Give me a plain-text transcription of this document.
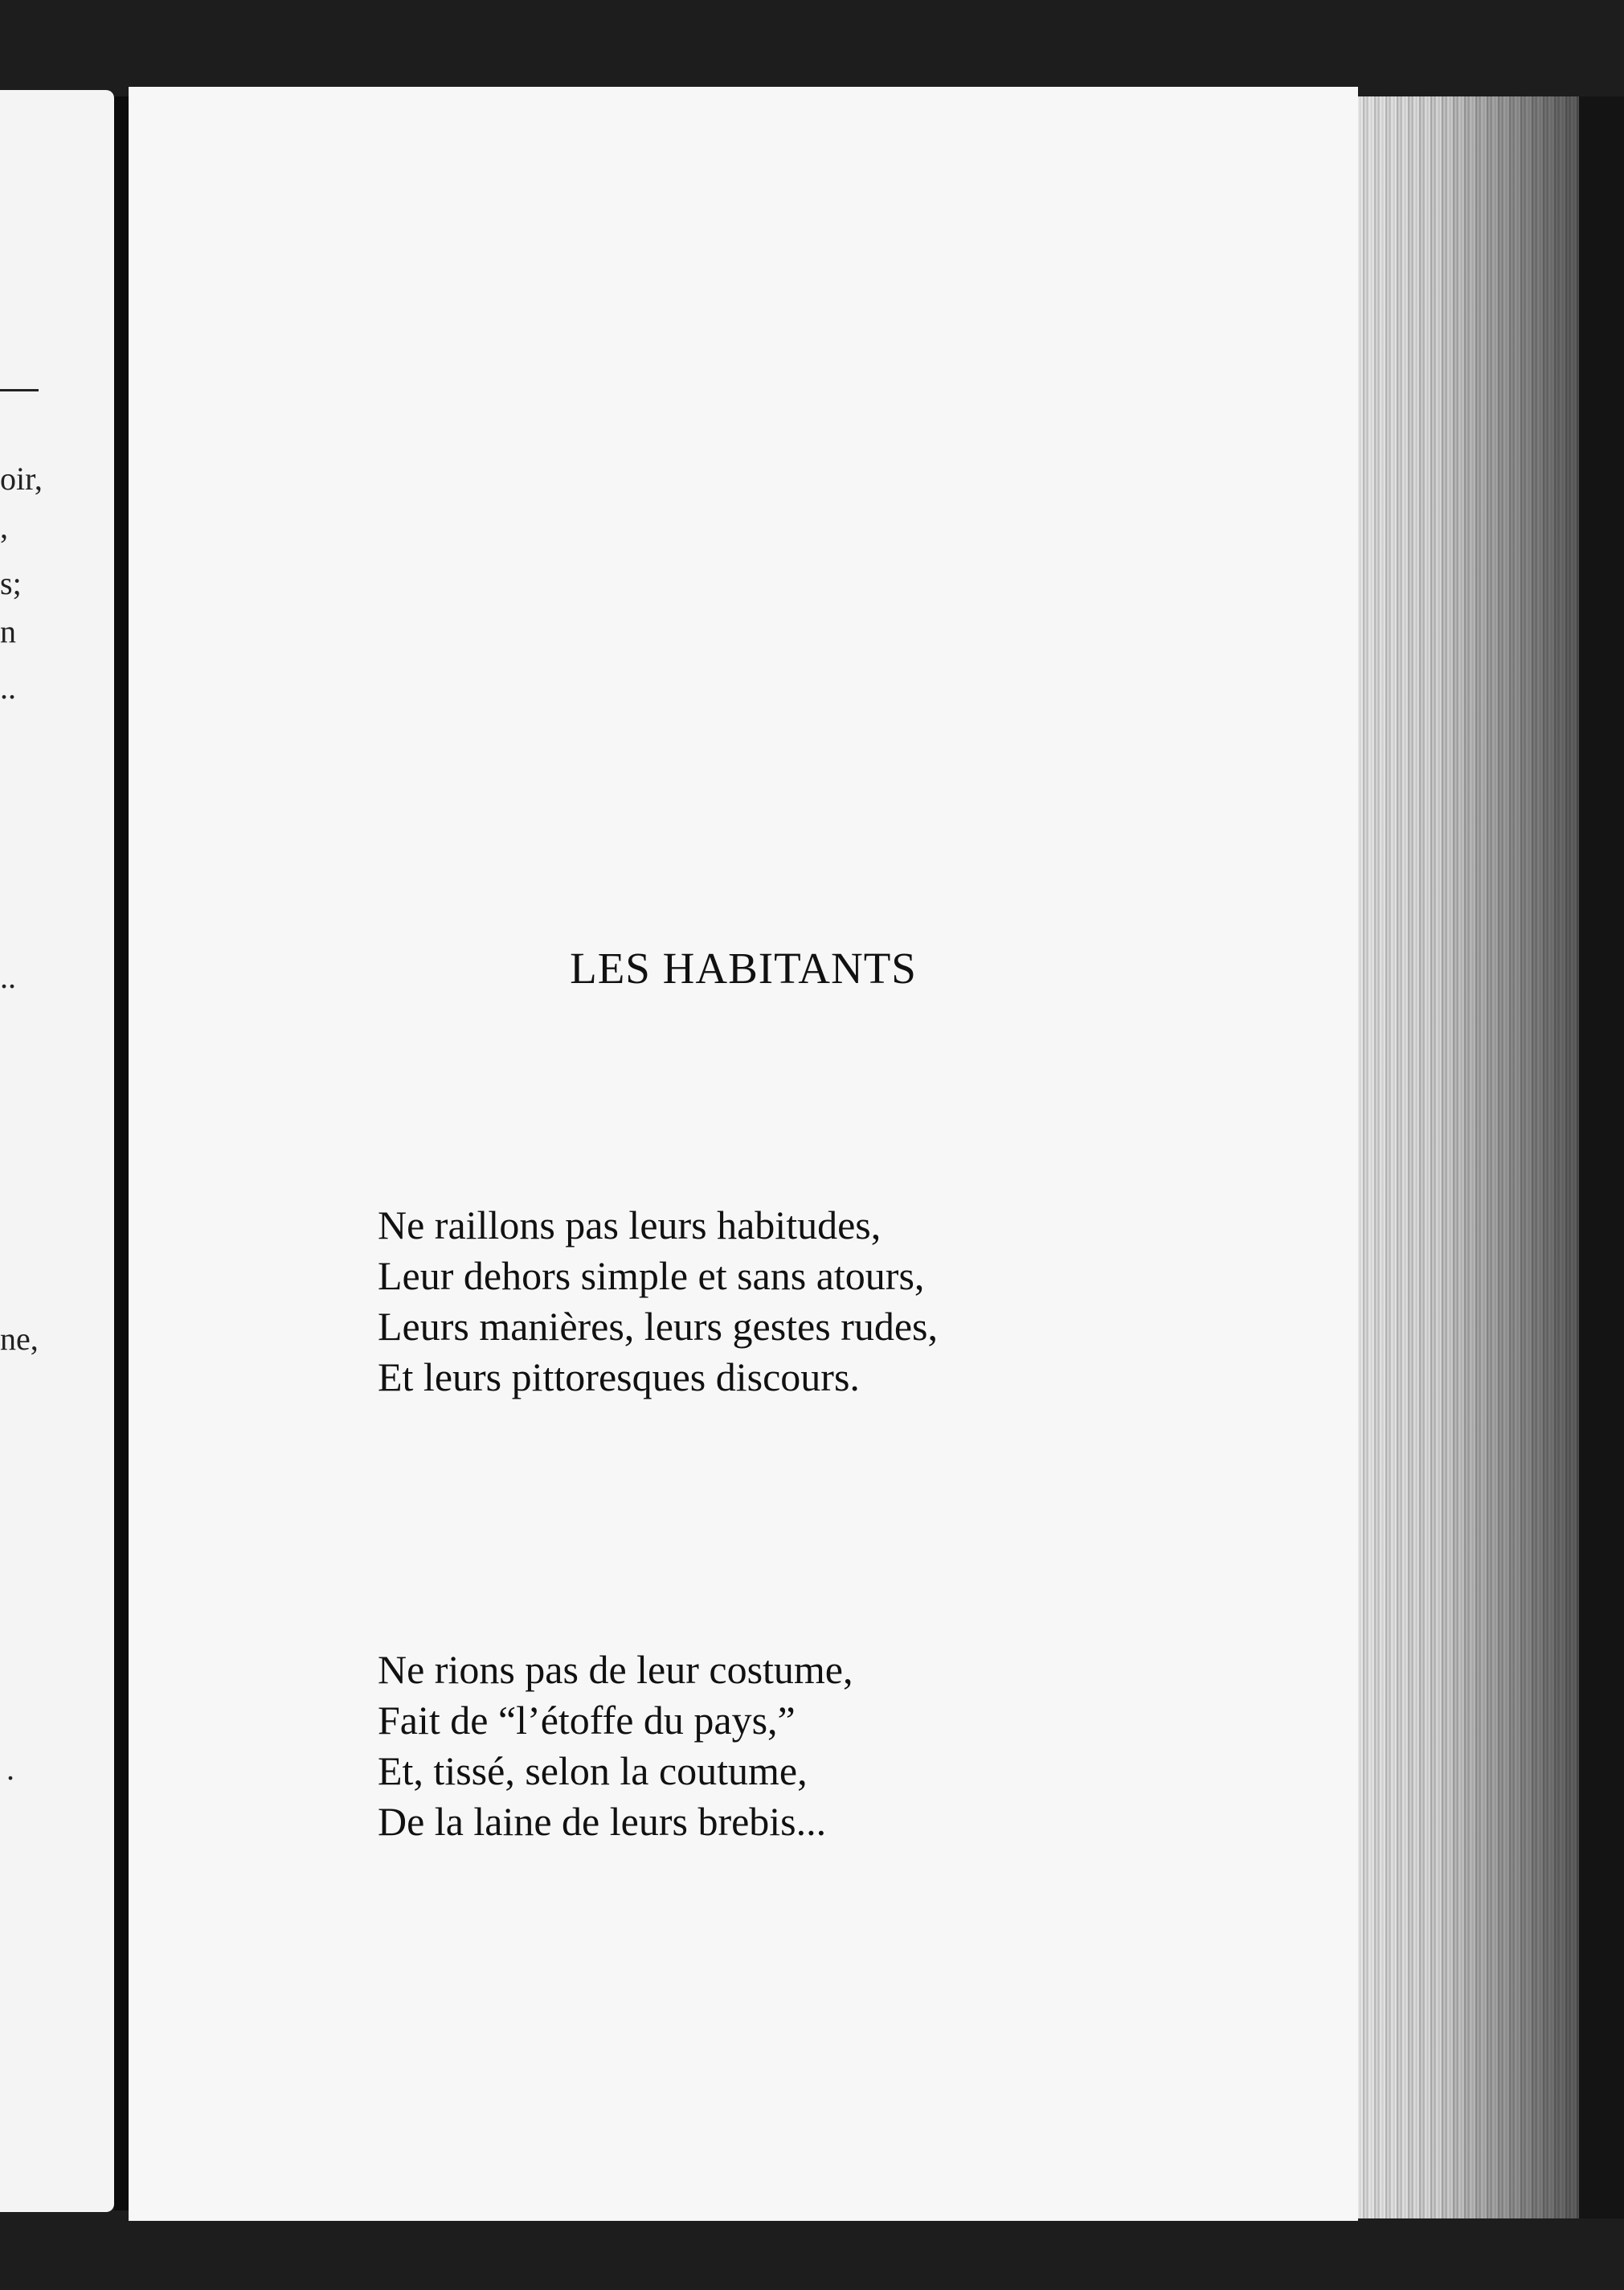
oir,
,
s;
n
..
..
ne,
.
LES HABITANTS
Ne raillons pas leurs habitudes,
Leur dehors simple et sans atours,
Leurs manières, leurs gestes rudes,
Et leurs pittoresques discours.
Ne rions pas de leur costume,
Fait de “l’étoffe du pays,”
Et, tissé, selon la coutume,
De la laine de leurs brebis...
